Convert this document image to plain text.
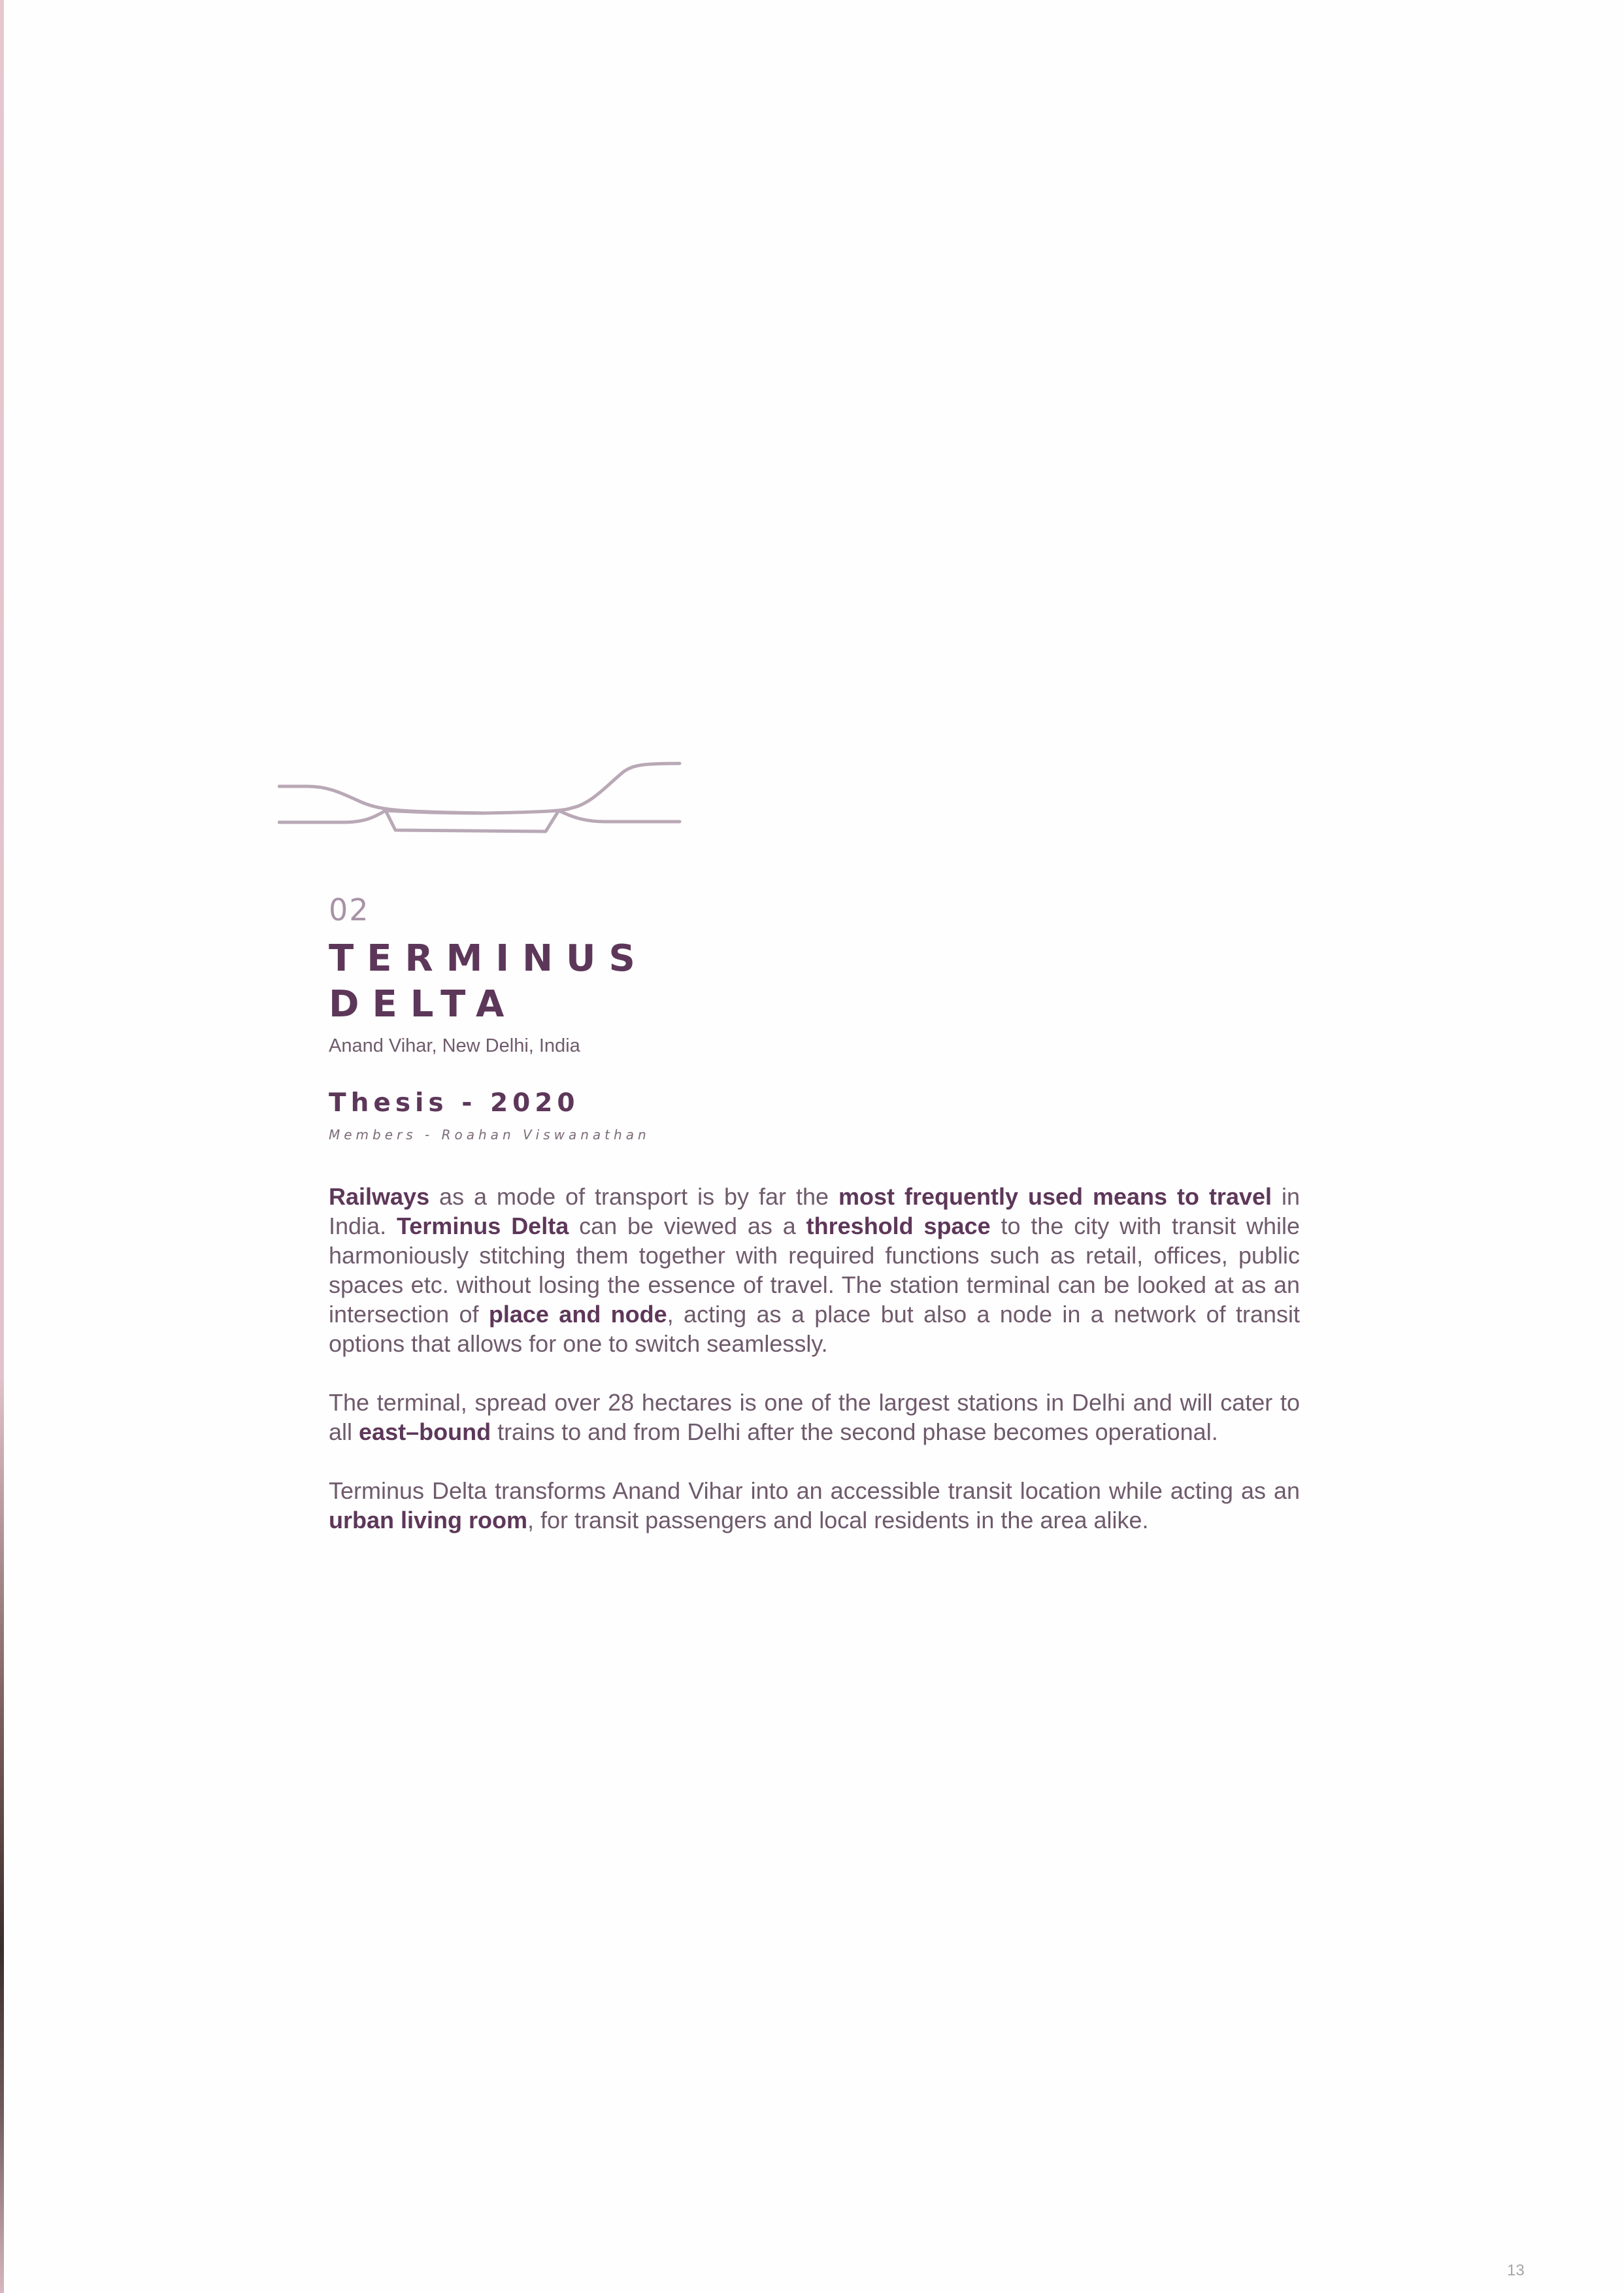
02
TERMINUS
DELTA
Anand Vihar, New Delhi, India
Thesis - 2020
Members - Roahan Viswanathan

Railways as a mode of transport is by far the most frequently used means to travel in India. Terminus Delta can be viewed as a threshold space to the city with transit while harmoniously stitching them together with required functions such as retail, offices, public spaces etc. without losing the essence of travel. The station terminal can be looked at as an intersection of place and node, acting as a place but also a node in a network of transit options that allows for one to switch seamlessly.

The terminal, spread over 28 hectares is one of the largest stations in Delhi and will cater to all east–bound trains to and from Delhi after the second phase becomes operational.

Terminus Delta transforms Anand Vihar into an accessible transit location while acting as an urban living room, for transit passengers and local residents in the area alike.

13
